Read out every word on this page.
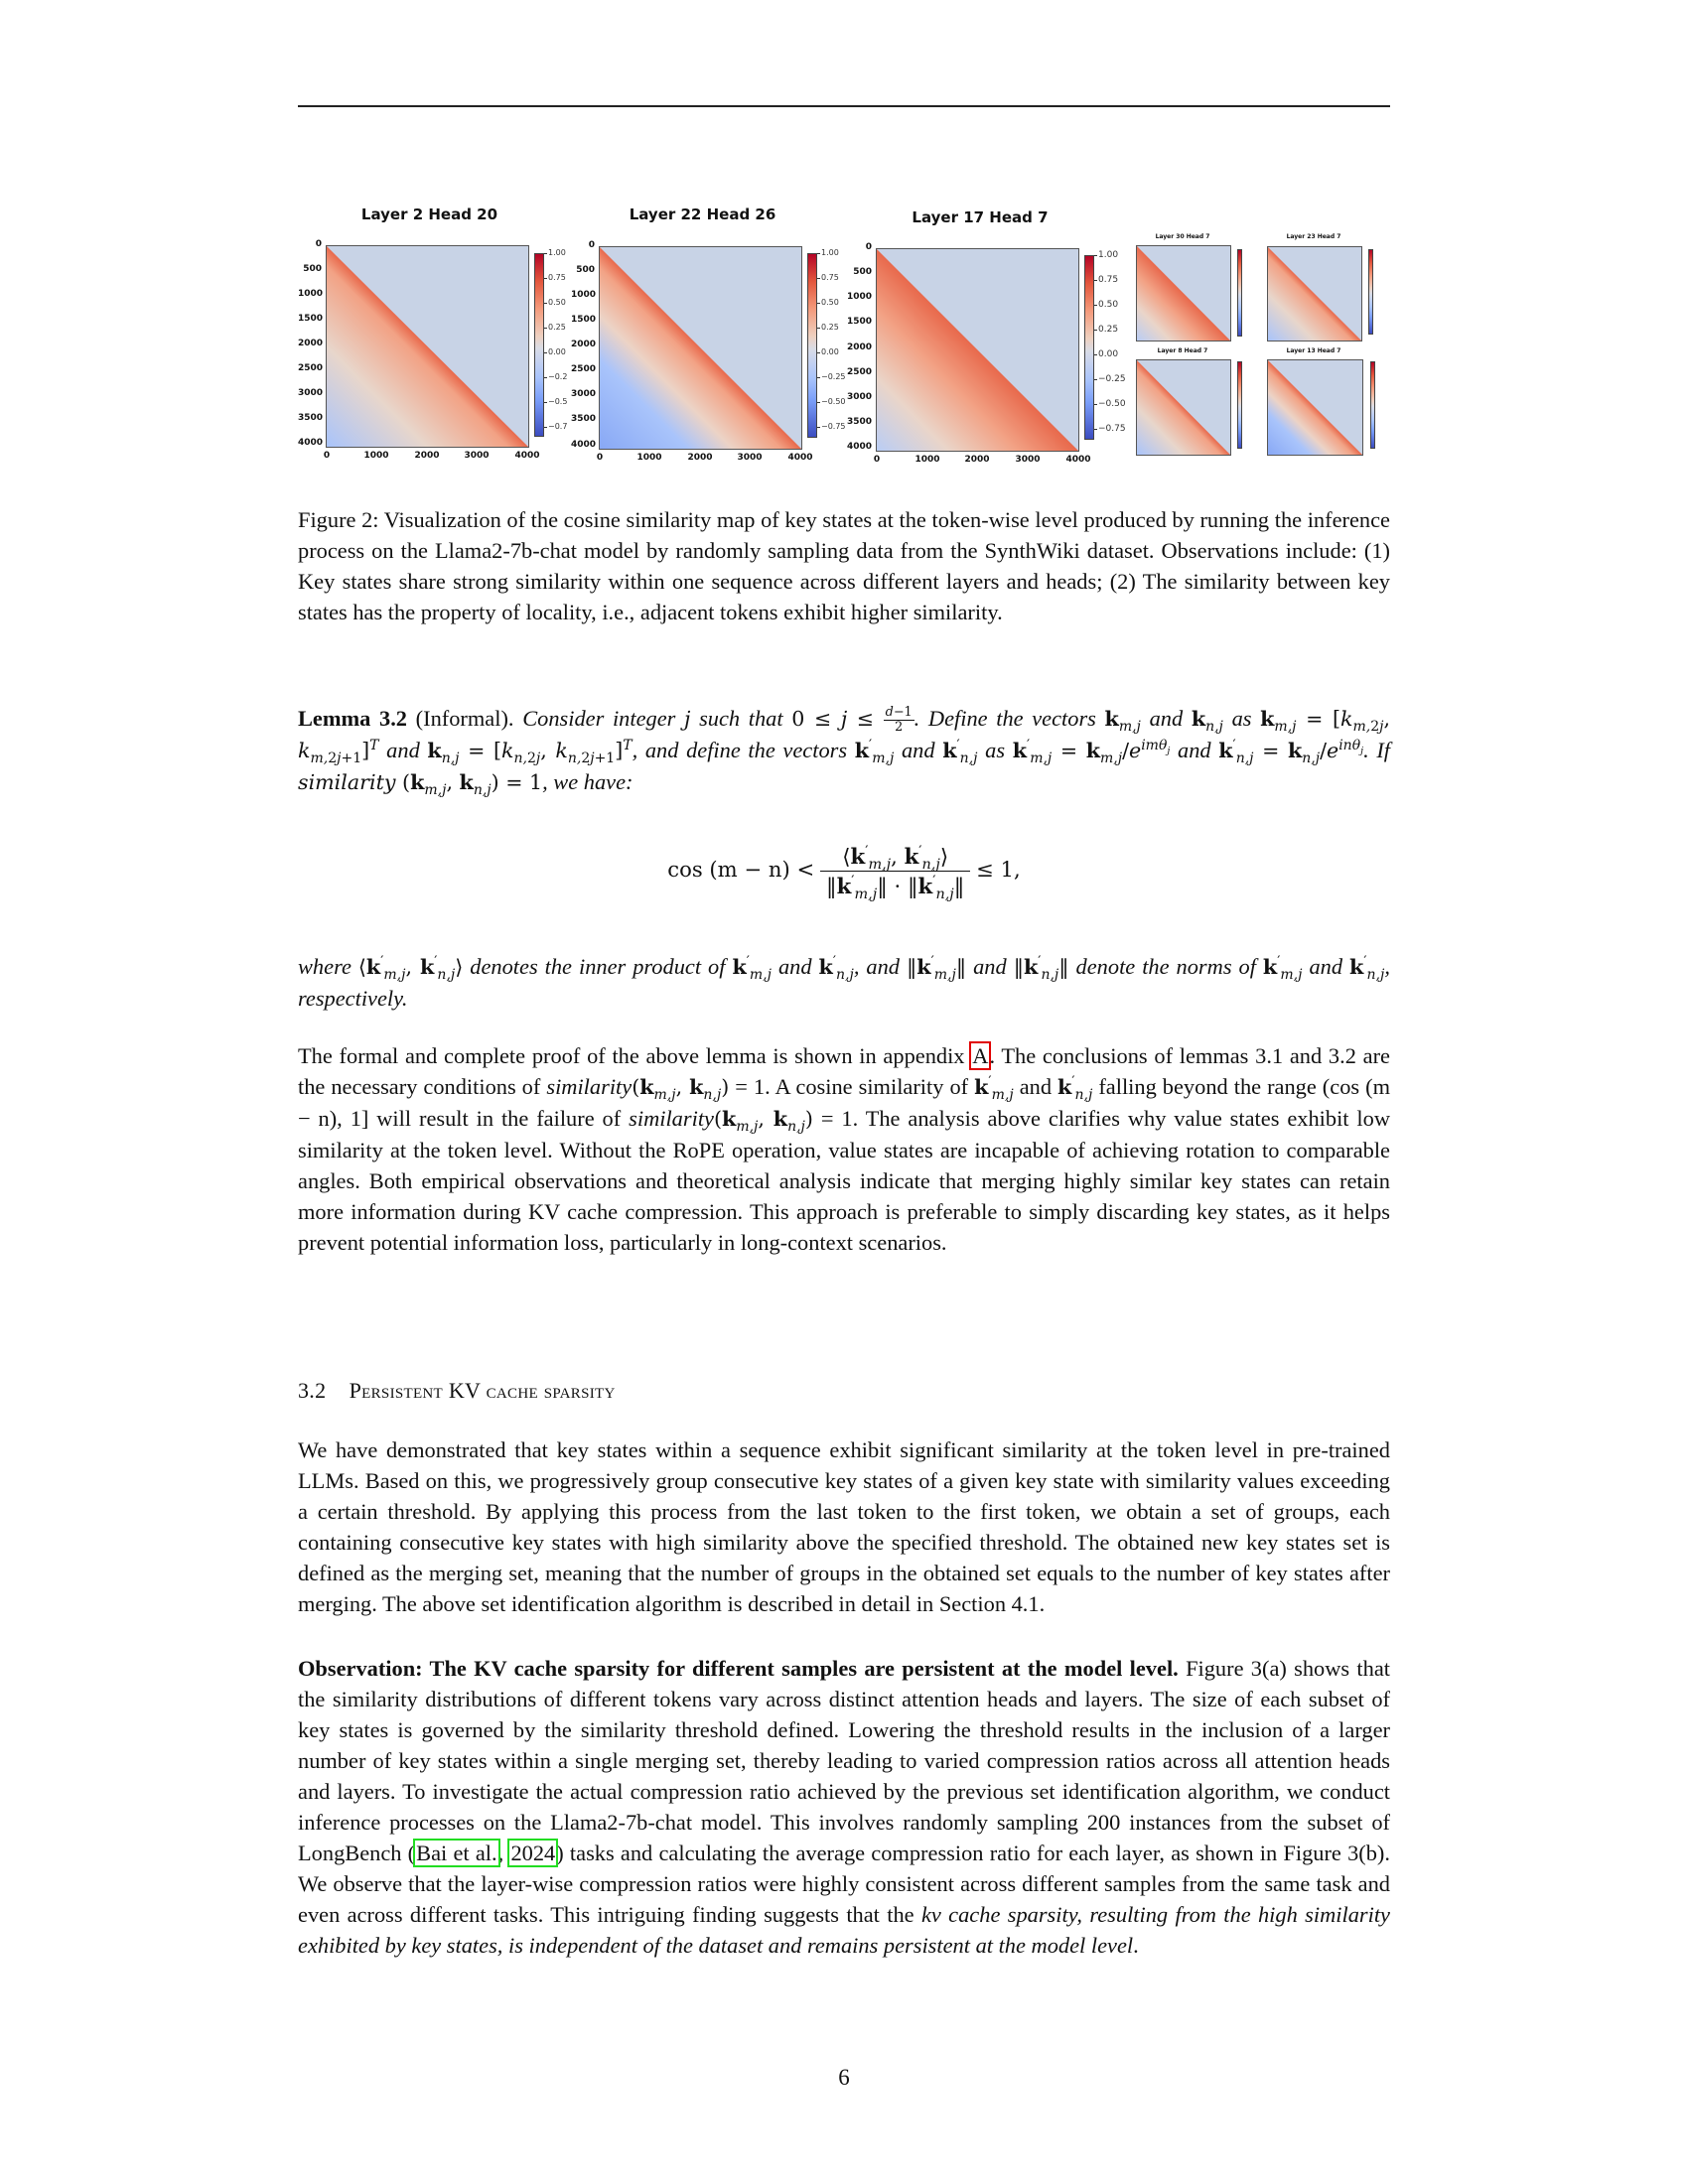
Layer 2 Head 20
0
500
1000
1500
2000
2500
3000
3500
4000
0	1000	2000	3000	4000
1.00
0.75
0.50
0.25
0.00
−0.2
−0.5
−0.7
Layer 22 Head 26
0
500
1000
1500
2000
2500
3000
3500
4000
0	1000	2000	3000	4000
1.00
0.75
0.50
0.25
0.00
−0.25
−0.50
−0.75
Layer 17 Head 7
0
500
1000
1500
2000
2500
3000
3500
4000
0	1000	2000	3000	4000
1.00
0.75
0.50
0.25
0.00
−0.25
−0.50
−0.75
Layer 30 Head 7	Layer 23 Head 7
Layer 8 Head 7	Layer 13 Head 7

Figure 2: Visualization of the cosine similarity map of key states at the token-wise level produced by running the inference process on the Llama2-7b-chat model by randomly sampling data from the SynthWiki dataset. Observations include: (1) Key states share strong similarity within one sequence across different layers and heads; (2) The similarity between key states has the property of locality, i.e., adjacent tokens exhibit higher similarity.

Lemma 3.2 (Informal). Consider integer j such that $0 \le j \le \frac{d-1}{2}$ . Define the vectors $k_{m,j}$ and $k_{n,j}$ as $k_{m,j} = [k_{m,2j}$, $k_{m,2j+1}]^T$ and $k_{n,j} = [k_{n,2j}$, $k_{n,2j+1}]^T$, and define the vectors $k'_{m,j}$ and $k'_{n,j}$ as $k'_{m,j} = k_{m,j}/e^{im\theta_j}$ and $k'_{n,j} = k_{n,j}/e^{in\theta_j}$. If similarity ($k_{m,j}$, $k_{n,j}) = 1$, we have:

$\cos (m - n) < \frac{⟨k'_{m,j}, k'_{n,j}⟩}{‖k'_{m,j}‖ \cdot ‖k'_{n,j}‖} \le 1$,

where $⟨k'_{m,j}$, $k'_{n,j}⟩$ denotes the inner product of $k'_{m,j}$ and $k'_{n,j}$, and $‖k'_{m,j}‖$ and $‖k'_{n,j}‖$ denote the norms of $k'_{m,j}$ and $k'_{n,j}$, respectively.

The formal and complete proof of the above lemma is shown in appendix A. The conclusions of lemmas 3.1 and 3.2 are the necessary conditions of $similarity(k_{m,j}$, $k_{n,j}) = 1$. A cosine similarity of $k'_{m,j}$ and $k'_{n,j}$ falling beyond the range (cos (m − n), 1] will result in the failure of $similarity(k_{m,j}$, $k_{n,j}) = 1$. The analysis above clarifies why value states exhibit low similarity at the token level. Without the RoPE operation, value states are incapable of achieving rotation to comparable angles. Both empirical observations and theoretical analysis indicate that merging highly similar key states can retain more information during KV cache compression. This approach is preferable to simply discarding key states, as it helps prevent potential information loss, particularly in long-context scenarios.

3.2 Persistent KV cache sparsity

We have demonstrated that key states within a sequence exhibit significant similarity at the token level in pre-trained LLMs. Based on this, we progressively group consecutive key states of a given key state with similarity values exceeding a certain threshold. By applying this process from the last token to the first token, we obtain a set of groups, each containing consecutive key states with high similarity above the specified threshold. The obtained new key states set is defined as the merging set, meaning that the number of groups in the obtained set equals to the number of key states after merging. The above set identification algorithm is described in detail in Section 4.1.

Observation: The KV cache sparsity for different samples are persistent at the model level. Figure 3(a) shows that the similarity distributions of different tokens vary across distinct attention heads and layers. The size of each subset of key states is governed by the similarity threshold defined. Lowering the threshold results in the inclusion of a larger number of key states within a single merging set, thereby leading to varied compression ratios across all attention heads and layers. To investigate the actual compression ratio achieved by the previous set identification algorithm, we conduct inference processes on the Llama2-7b-chat model. This involves randomly sampling 200 instances from the subset of LongBench (Bai et al., 2024) tasks and calculating the average compression ratio for each layer, as shown in Figure 3(b). We observe that the layer-wise compression ratios were highly consistent across different samples from the same task and even across different tasks. This intriguing finding suggests that the kv cache sparsity, resulting from the high similarity exhibited by key states, is independent of the dataset and remains persistent at the model level.

6
